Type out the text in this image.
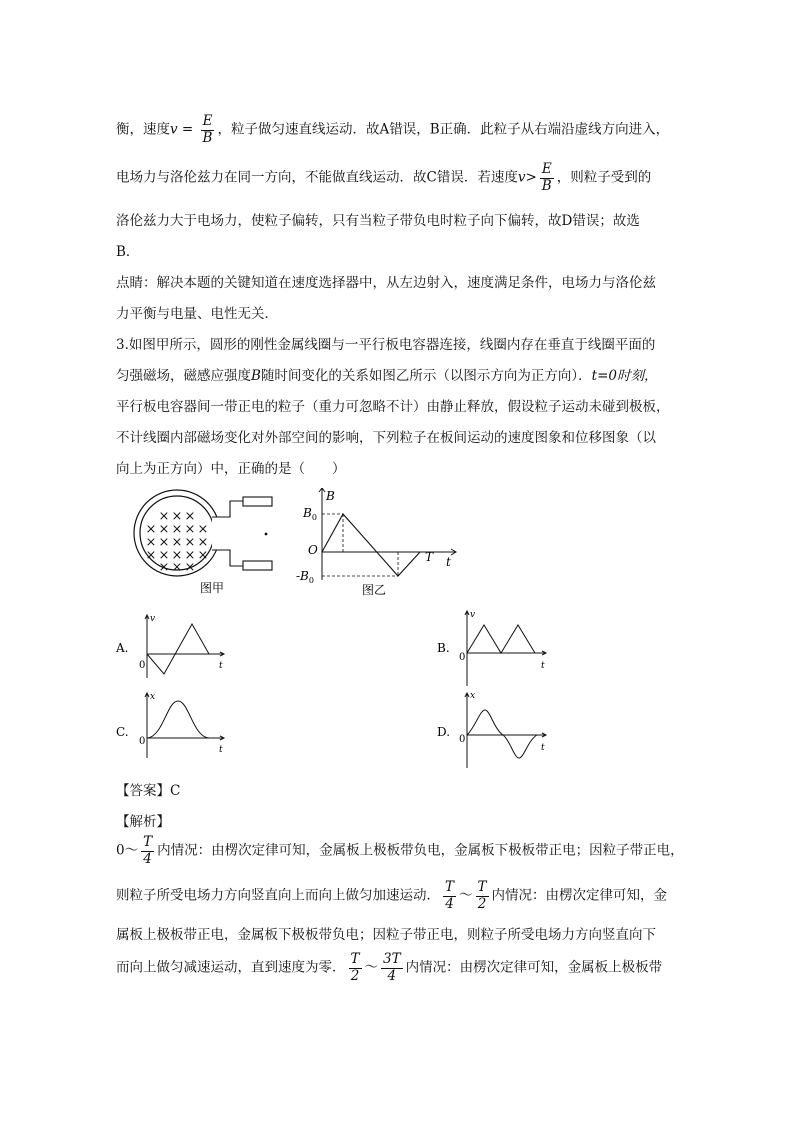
衡，速度$v = \frac{E}{B}$ ，粒子做匀速直线运动．故A错误，B正确．此粒子从右端沿虚线方向进入，
电场力与洛伦兹力在同一方向，不能做直线运动．故C错误．若速度$v> \frac{E}{B}$ ，则粒子受到的
洛伦兹力大于电场力，使粒子偏转，只有当粒子带负电时粒子向下偏转，故D错误；故选
B．
点睛：解决本题的关键知道在速度选择器中，从左边射入，速度满足条件，电场力与洛伦兹
力平衡与电量、电性无关．
3.如图甲所示，圆形的刚性金属线圈与一平行板电容器连接，线圈内存在垂直于线圈平面的
匀强磁场，磁感应强度B随时间变化的关系如图乙所示（以图示方向为正方向）．t=0时刻，
平行板电容器间一带正电的粒子（重力可忽略不计）由静止释放，假设粒子运动未碰到极板，
不计线圈内部磁场变化对外部空间的影响，下列粒子在板间运动的速度图象和位移图象（以
向上为正方向）中，正确的是（　　）
× × ×
× × × × ×
× × × × ×
× × × × ×
× × ×
图甲
B
$B_0$
O
$-B_0$
T t
图乙
A.
v
0	t
B.
v
0
t
C.
x
0
t
D.
x
0
t
【答案】C
【解析】
0～ $\frac{T}{4}$ 内情况：由楞次定律可知，金属板上极板带负电，金属板下极板带正电；因粒子带正电，
则粒子所受电场力方向竖直向上而向上做匀加速运动． $\frac{T}{4}$ ～ $\frac{T}{2}$ 内情况：由楞次定律可知，金
属板上极板带正电，金属板下极板带负电；因粒子带正电，则粒子所受电场力方向竖直向下
而向上做匀减速运动，直到速度为零． $\frac{T}{2}$ ～ $\frac{3T}{4}$ 内情况：由楞次定律可知，金属板上极板带
